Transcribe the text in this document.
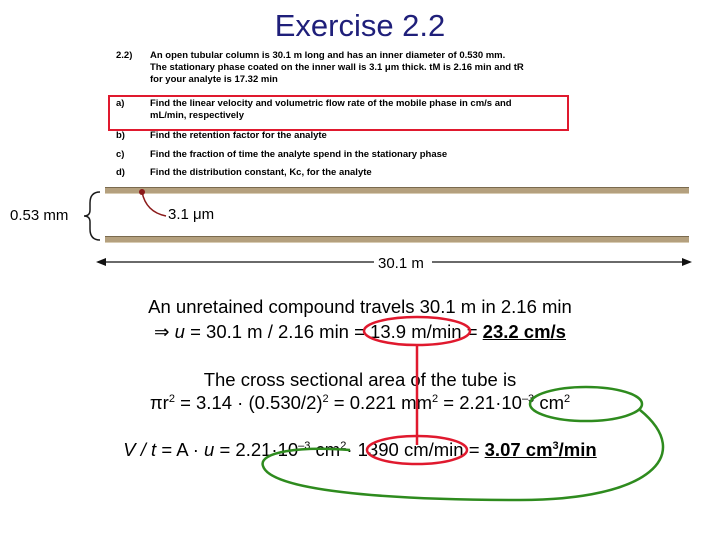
Exercise 2.2
2.2) An open tubular column is 30.1 m long and has an inner diameter of 0.530 mm.
The stationary phase coated on the inner wall is 3.1 μm thick. tM is 2.16 min and tR
for your analyte is 17.32 min
a)	Find the linear velocity and volumetric flow rate of the mobile phase in cm/s and
mL/min, respectively
b)	Find the retention factor for the analyte
c)	Find the fraction of time the analyte spend in the stationary phase
d)	Find the distribution constant, Kc, for the analyte
0.53 mm	3.1 μm
30.1 m
An unretained compound travels 30.1 m in 2.16 min
⇒ u = 30.1 m / 2.16 min = 13.9 m/min = 23.2 cm/s
The cross sectional area of the tube is
$\pi r^2 = 3.14 \cdot (0.530/2)^2 = 0.221$ $mm^2 = 2.21\cdot 10^{-3}$ $cm^2$
$V / t = A \cdot u = 2.21\cdot 10^{-3}$ $cm^2\cdot 1390$ cm/min = 3.07 $cm^3/\min$
